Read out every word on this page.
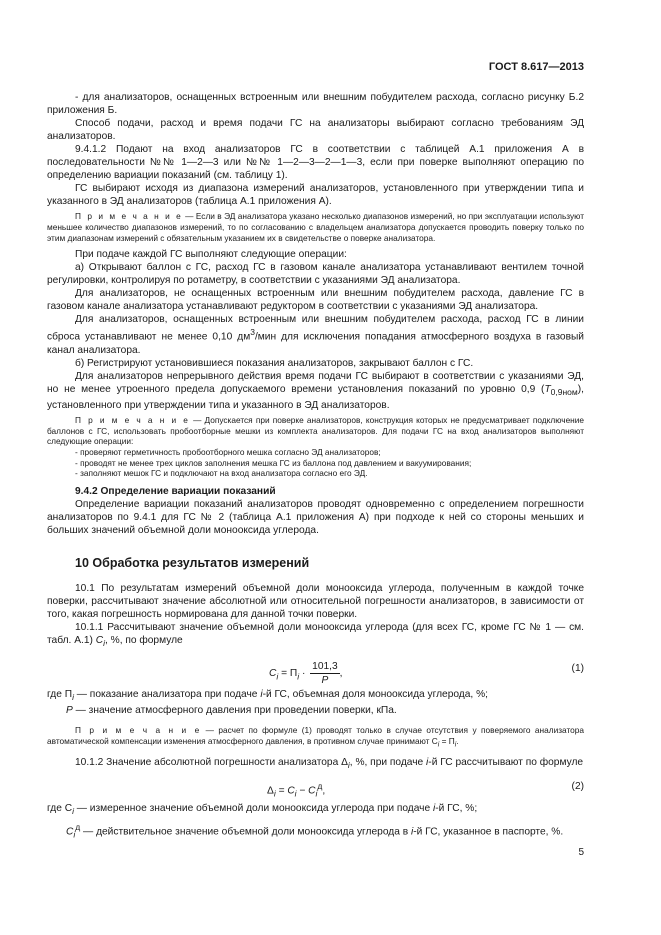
ГОСТ 8.617—2013

- для анализаторов, оснащенных встроенным или внешним побудителем расхода, согласно рисунку Б.2 приложения Б.

Способ подачи, расход и время подачи ГС на анализаторы выбирают согласно требованиям ЭД анализаторов.

9.4.1.2 Подают на вход анализаторов ГС в соответствии с таблицей А.1 приложения А в последовательности №№ 1—2—3 или №№ 1—2—3—2—1—3, если при поверке выполняют операцию по определению вариации показаний (см. таблицу 1).

ГС выбирают исходя из диапазона измерений анализаторов, установленного при утверждении типа и указанного в ЭД анализаторов (таблица А.1 приложения А).

П р и м е ч а н и е — Если в ЭД анализатора указано несколько диапазонов измерений, но при эксплуатации используют меньшее количество диапазонов измерений, то по согласованию с владельцем анализатора допускается проводить поверку только по этим диапазонам измерений с обязательным указанием их в свидетельстве о поверке анализатора.

При подаче каждой ГС выполняют следующие операции:

а) Открывают баллон с ГС, расход ГС в газовом канале анализатора устанавливают вентилем точной регулировки, контролируя по ротаметру, в соответствии с указаниями ЭД анализатора.

Для анализаторов, не оснащенных встроенным или внешним побудителем расхода, давление ГС в газовом канале анализатора устанавливают редуктором в соответствии с указаниями ЭД анализатора.

Для анализаторов, оснащенных встроенным или внешним побудителем расхода, расход ГС в линии сброса устанавливают не менее 0,10 $дм^3$/мин для исключения попадания атмосферного воздуха в газовый канал анализатора.

б) Регистрируют установившиеся показания анализаторов, закрывают баллон с ГС.

Для анализаторов непрерывного действия время подачи ГС выбирают в соответствии с указаниями ЭД, но не менее утроенного предела допускаемого времени установления показаний по уровню 0,9 $(T_{0,9ном})$, установленного при утверждении типа и указанного в ЭД анализаторов.

П р и м е ч а н и е — Допускается при поверке анализаторов, конструкция которых не предусматривает подключение баллонов с ГС, использовать пробоотборные мешки из комплекта анализаторов. Для подачи ГС на вход анализаторов выполняют следующие операции:

- проверяют герметичность пробоотборного мешка согласно ЭД анализаторов;
- проводят не менее трех циклов заполнения мешка ГС из баллона под давлением и вакуумирования;
- заполняют мешок ГС и подключают на вход анализатора согласно его ЭД.

9.4.2 Определение вариации показаний

Определение вариации показаний анализаторов проводят одновременно с определением погрешности анализаторов по 9.4.1 для ГС № 2 (таблица А.1 приложения А) при подходе к ней со стороны меньших и больших значений объемной доли монооксида углерода.

10 Обработка результатов измерений

10.1 По результатам измерений объемной доли монооксида углерода, полученным в каждой точке поверки, рассчитывают значение абсолютной или относительной погрешности анализаторов, в зависимости от того, какая погрешность нормирована для данной точки поверки.

10.1.1 Рассчитывают значение объемной доли монооксида углерода (для всех ГС, кроме ГС № 1 — см. табл. А.1) $C_i$, %, по формуле

$C_i = \Pi_i \cdot \frac{101,3}{P}$ ,	(1)

где $\Pi_i$ — показание анализатора при подаче i-й ГС, объемная доля монооксида углерода, %;

P — значение атмосферного давления при проведении поверки, кПа.

П р и м е ч а н и е — расчет по формуле (1) проводят только в случае отсутствия у поверяемого анализатора автоматической компенсации изменения атмосферного давления, в противном случае принимают $C_i = \Pi_i$.

10.1.2 Значение абсолютной погрешности анализатора $\Delta_i$, %, при подаче i-й ГС рассчитывают по формуле

$\Delta_i = C_i - C_i^д$,	(2)

где $C_i$ — измеренное значение объемной доли монооксида углерода при подаче i-й ГС, %;

$C_i^д$ — действительное значение объемной доли монооксида углерода в i-й ГС, указанное в паспорте, %.

5
